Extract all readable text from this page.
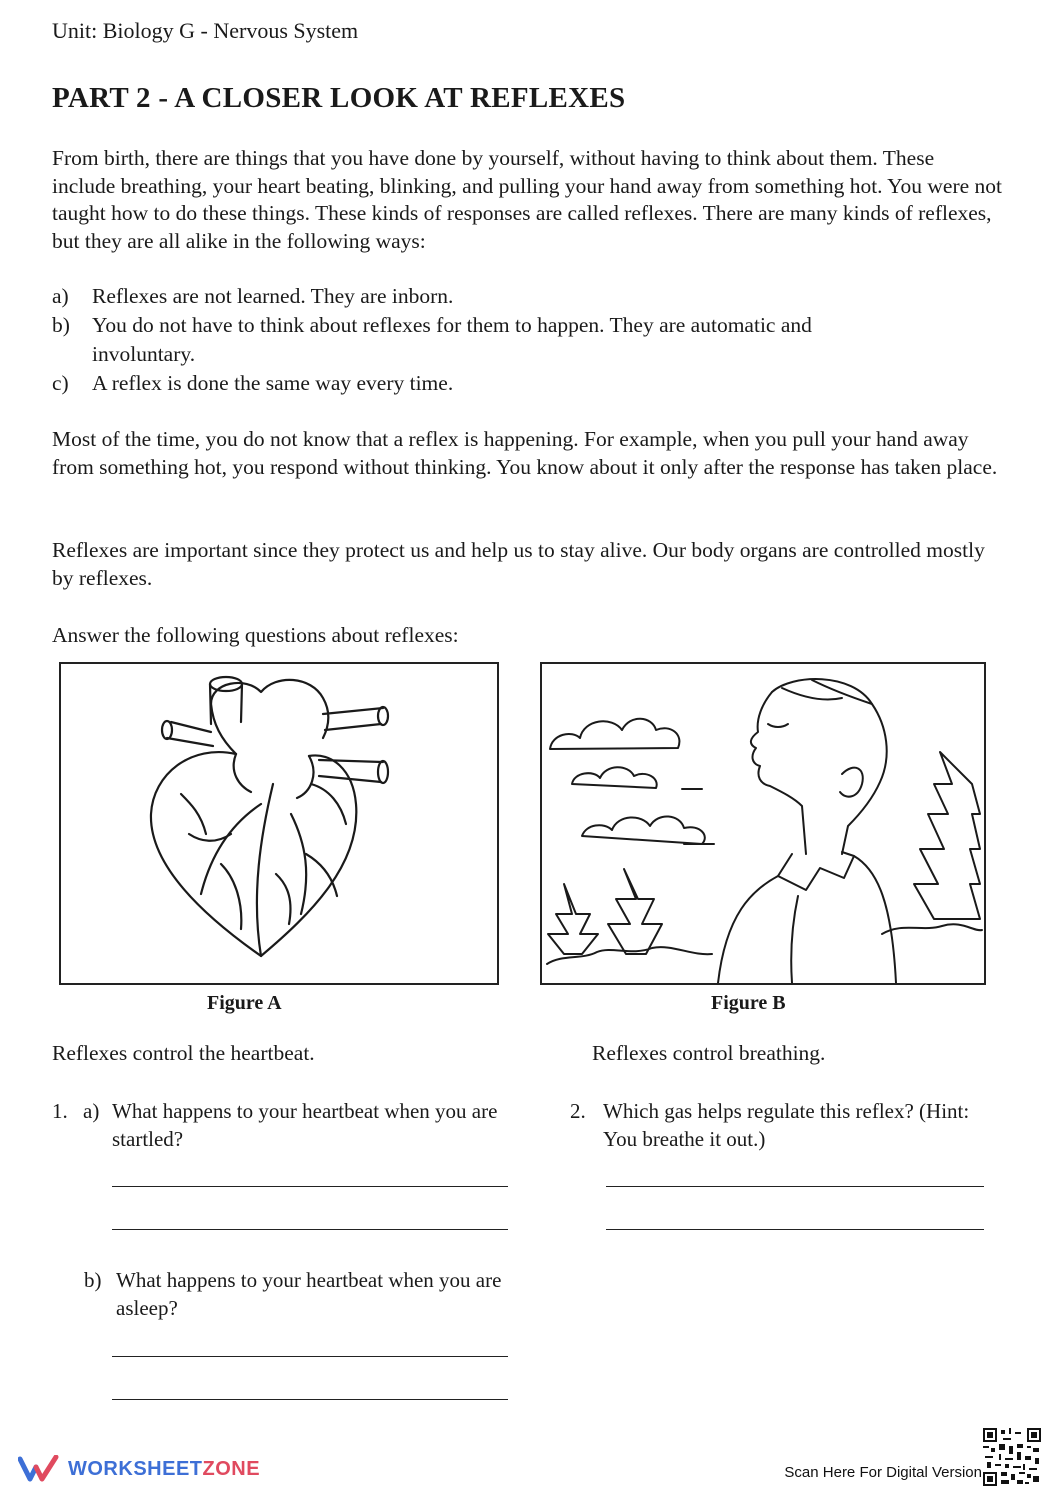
Unit: Biology G - Nervous System
PART 2 - A CLOSER LOOK AT REFLEXES
From birth, there are things that you have done by yourself, without having to think about them. These include breathing, your heart beating, blinking, and pulling your hand away from something hot. You were not taught how to do these things. These kinds of responses are called reflexes. There are many kinds of reflexes, but they are all alike in the following ways:
a) Reflexes are not learned. They are inborn.
b) You do not have to think about reflexes for them to happen. They are automatic and involuntary.
c) A reflex is done the same way every time.
Most of the time, you do not know that a reflex is happening. For example, when you pull your hand away from something hot, you respond without thinking. You know about it only after the response has taken place.
Reflexes are important since they protect us and help us to stay alive. Our body organs are controlled mostly by reflexes.
Answer the following questions about reflexes:
Figure A	Figure B
Reflexes control the heartbeat.	Reflexes control breathing.
1. a) What happens to your heartbeat when you are startled?
b) What happens to your heartbeat when you are asleep?
2. Which gas helps regulate this reflex? (Hint: You breathe it out.)
WORKSHEETZONE	Scan Here For Digital Version
